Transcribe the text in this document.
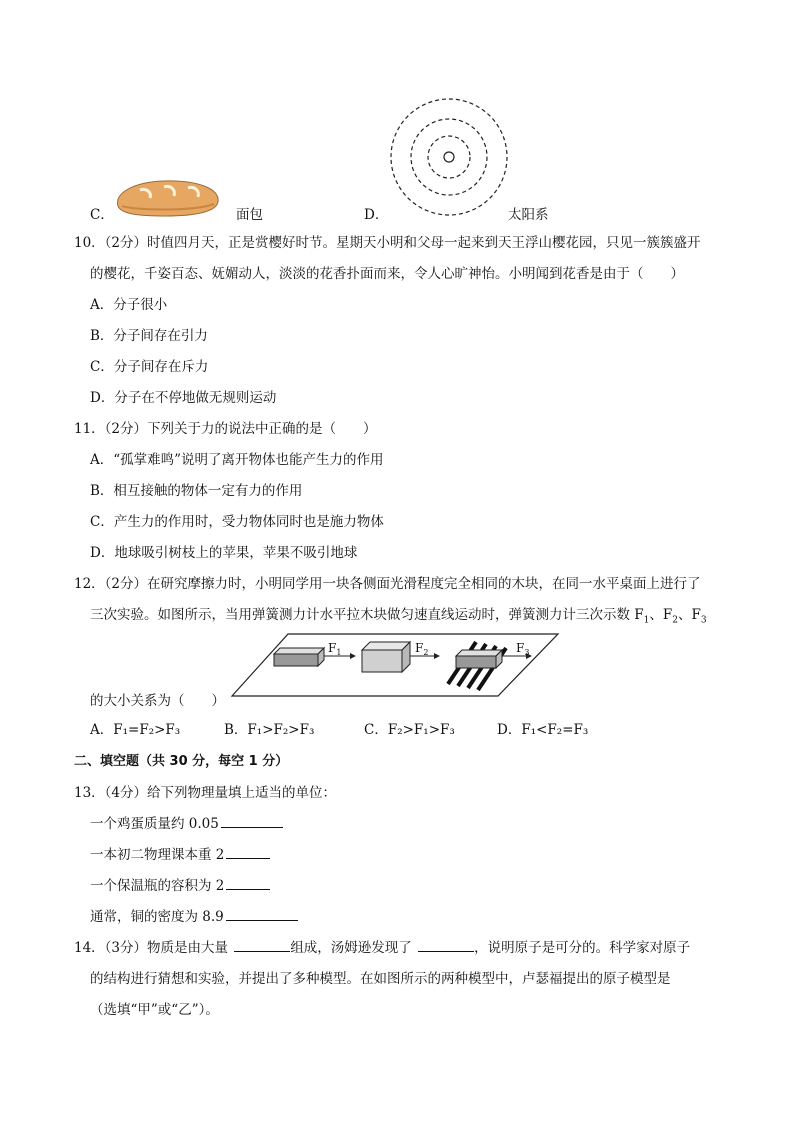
C．	面包	D．	太阳系
10．（2分）时值四月天，正是赏樱好时节。星期天小明和父母一起来到天王浮山樱花园，只见一簇簇盛开
的樱花，千姿百态、妩媚动人，淡淡的花香扑面而来，令人心旷神怡。小明闻到花香是由于（　　）
A．分子很小
B．分子间存在引力
C．分子间存在斥力
D．分子在不停地做无规则运动
11．（2分）下列关于力的说法中正确的是（　　）
A．“孤掌难鸣”说明了离开物体也能产生力的作用
B．相互接触的物体一定有力的作用
C．产生力的作用时，受力物体同时也是施力物体
D．地球吸引树枝上的苹果，苹果不吸引地球
12．（2分）在研究摩擦力时，小明同学用一块各侧面光滑程度完全相同的木块，在同一水平桌面上进行了
三次实验。如图所示，当用弹簧测力计水平拉木块做匀速直线运动时，弹簧测力计三次示数 $F_1$、$F_2$、$F_3$
$F_1$	$F_2$	$F_3$
的大小关系为（　　）
A．F₁=F₂>F₃	B．F₁>F₂>F₃	C．F₂>F₁>F₃	D．F₁<F₂=F₃
二、填空题（共 30 分，每空 1 分）
13．（4分）给下列物理量填上适当的单位：
一个鸡蛋质量约 0.05
一本初二物理课本重 2
一个保温瓶的容积为 2
通常，铜的密度为 8.9
14．（3分）物质是由大量	组成，汤姆逊发现了	，说明原子是可分的。科学家对原子
的结构进行猜想和实验，并提出了多种模型。在如图所示的两种模型中，卢瑟福提出的原子模型是
（选填“甲”或“乙”）。
